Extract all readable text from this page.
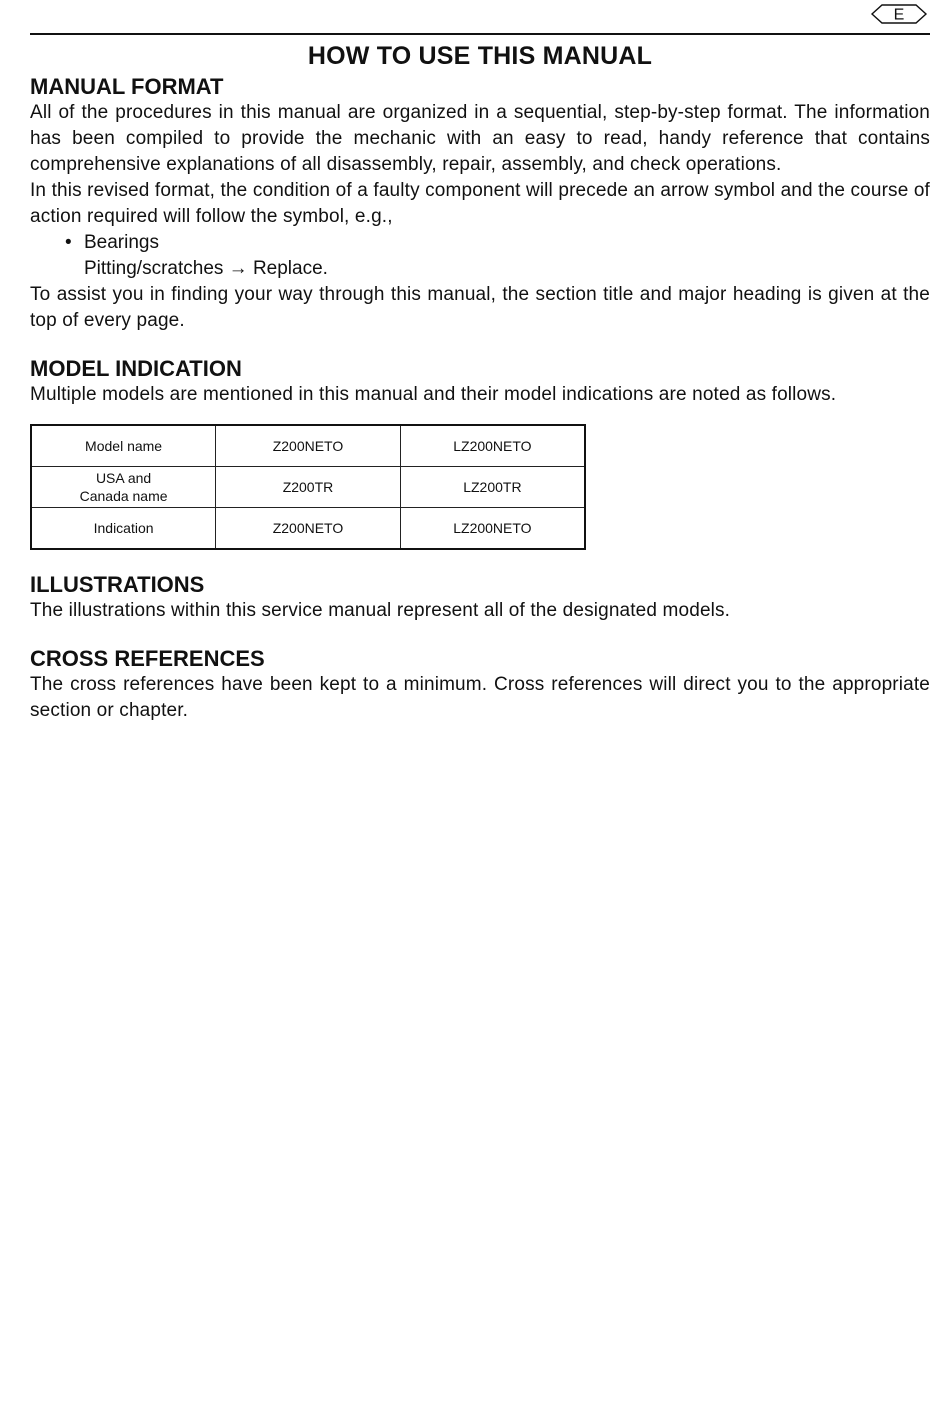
E
HOW TO USE THIS MANUAL
MANUAL FORMAT

All of the procedures in this manual are organized in a sequential, step-by-step format. The information has been compiled to provide the mechanic with an easy to read, handy reference that contains comprehensive explanations of all disassembly, repair, assembly, and check operations.

In this revised format, the condition of a faulty component will precede an arrow symbol and the course of action required will follow the symbol, e.g.,

• Bearings
Pitting/scratches → Replace.

To assist you in finding your way through this manual, the section title and major heading is given at the top of every page.

MODEL INDICATION

Multiple models are mentioned in this manual and their model indications are noted as follows.

Model name	Z200NETO	LZ200NETO
USA and
Canada name	Z200TR	LZ200TR
Indication	Z200NETO	LZ200NETO
ILLUSTRATIONS

The illustrations within this service manual represent all of the designated models.

CROSS REFERENCES

The cross references have been kept to a minimum. Cross references will direct you to the appropriate section or chapter.
